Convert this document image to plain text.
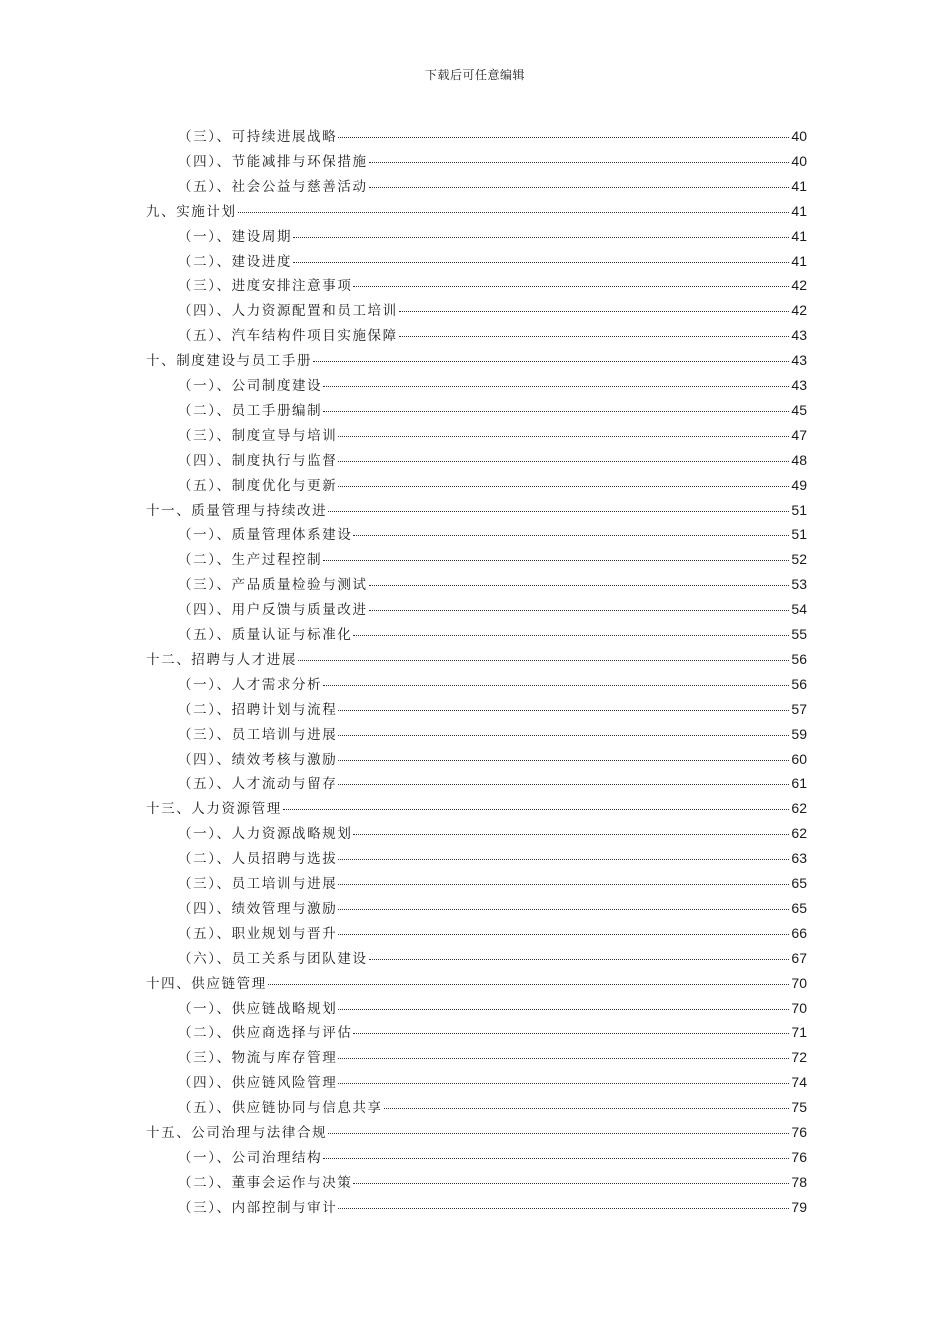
下载后可任意编辑
（三）、可持续进展战略	40
（四）、节能减排与环保措施	40
（五）、社会公益与慈善活动	41
九、实施计划	41
（一）、建设周期	41
（二）、建设进度	41
（三）、进度安排注意事项	42
（四）、人力资源配置和员工培训	42
（五）、汽车结构件项目实施保障	43
十、制度建设与员工手册	43
（一）、公司制度建设	43
（二）、员工手册编制	45
（三）、制度宣导与培训	47
（四）、制度执行与监督	48
（五）、制度优化与更新	49
十一、质量管理与持续改进	51
（一）、质量管理体系建设	51
（二）、生产过程控制	52
（三）、产品质量检验与测试	53
（四）、用户反馈与质量改进	54
（五）、质量认证与标准化	55
十二、招聘与人才进展	56
（一）、人才需求分析	56
（二）、招聘计划与流程	57
（三）、员工培训与进展	59
（四）、绩效考核与激励	60
（五）、人才流动与留存	61
十三、人力资源管理	62
（一）、人力资源战略规划	62
（二）、人员招聘与选拔	63
（三）、员工培训与进展	65
（四）、绩效管理与激励	65
（五）、职业规划与晋升	66
（六）、员工关系与团队建设	67
十四、供应链管理	70
（一）、供应链战略规划	70
（二）、供应商选择与评估	71
（三）、物流与库存管理	72
（四）、供应链风险管理	74
（五）、供应链协同与信息共享	75
十五、公司治理与法律合规	76
（一）、公司治理结构	76
（二）、董事会运作与决策	78
（三）、内部控制与审计	79
